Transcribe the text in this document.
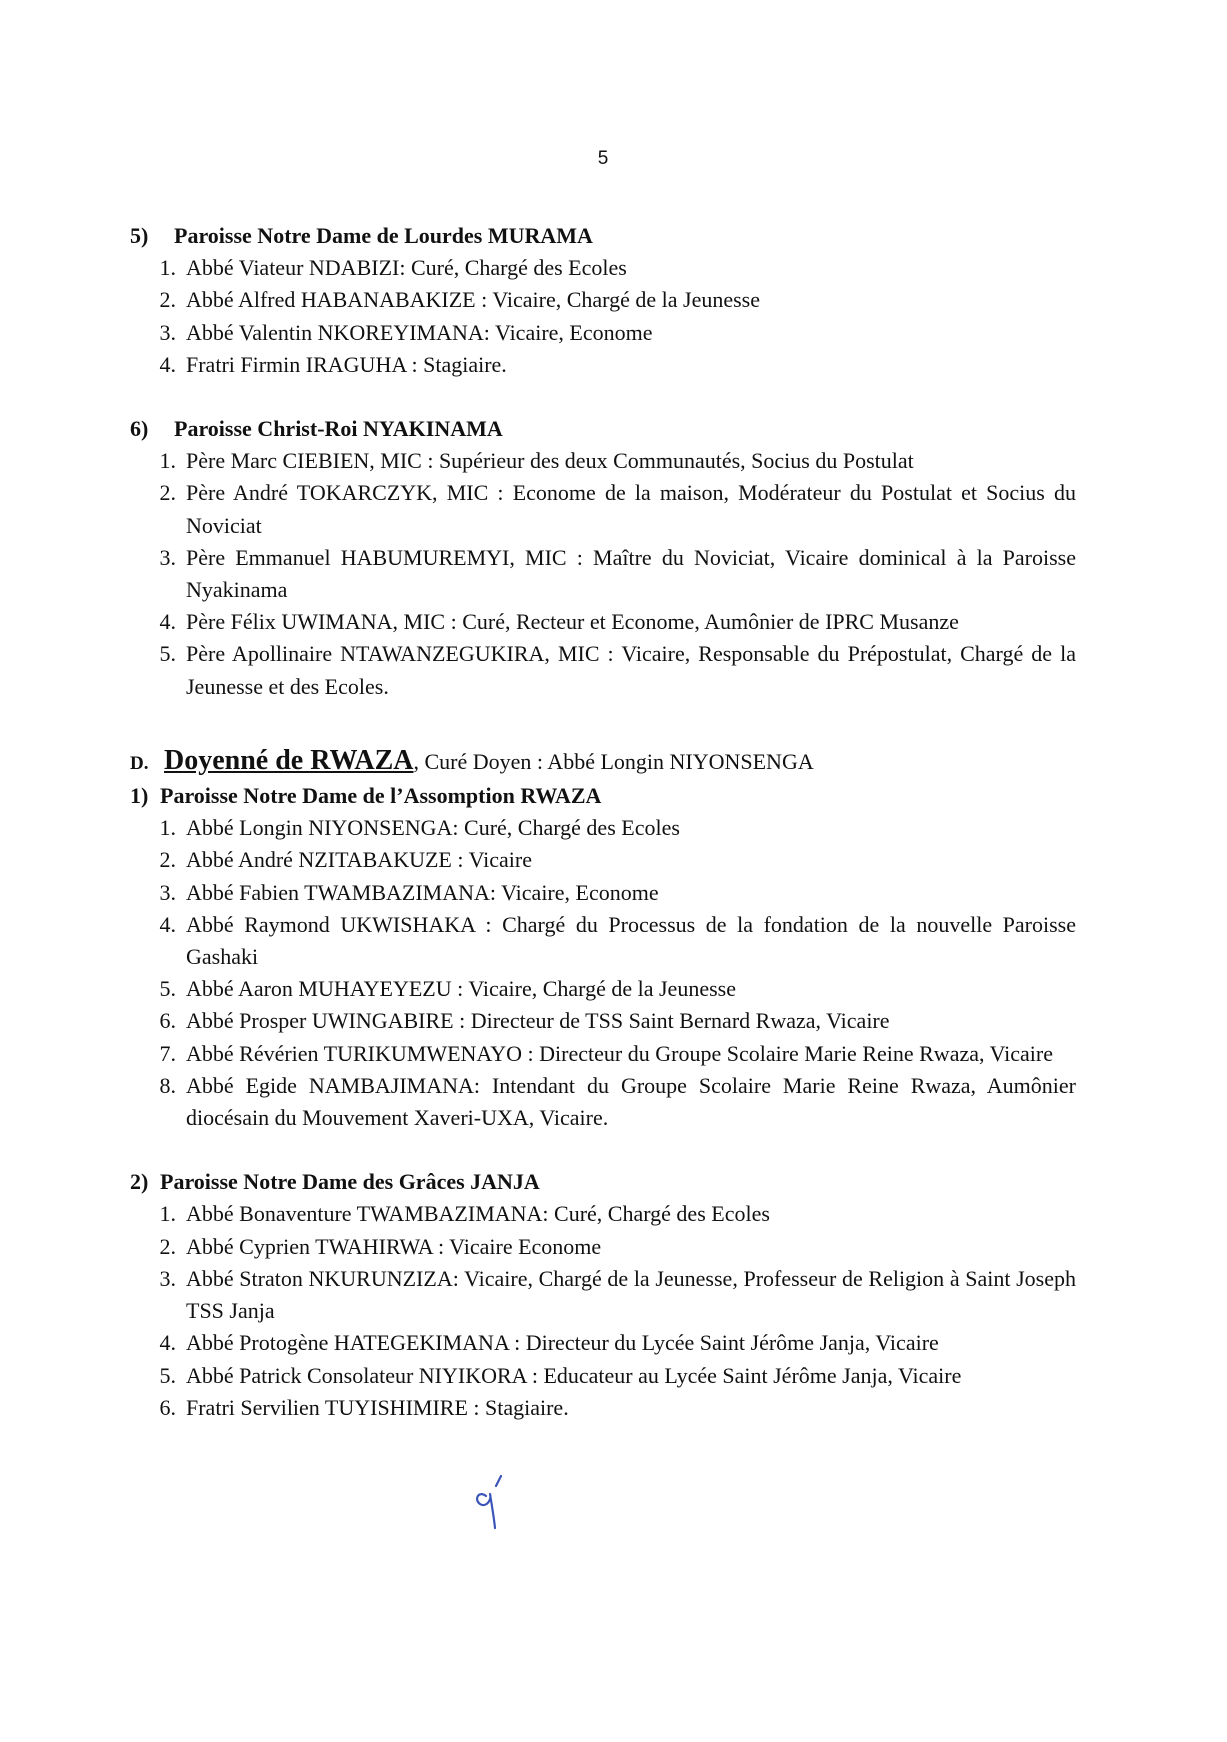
5
5)	Paroisse Notre Dame de Lourdes MURAMA
1. Abbé Viateur NDABIZI: Curé, Chargé des Ecoles
2. Abbé Alfred HABANABAKIZE : Vicaire, Chargé de la Jeunesse
3. Abbé Valentin NKOREYIMANA: Vicaire, Econome
4. Fratri Firmin IRAGUHA : Stagiaire.
6)	Paroisse Christ-Roi NYAKINAMA
1. Père Marc CIEBIEN, MIC : Supérieur des deux Communautés, Socius du Postulat
2. Père André TOKARCZYK, MIC : Econome de la maison, Modérateur du Postulat et Socius du Noviciat
3. Père Emmanuel HABUMUREMYI, MIC : Maître du Noviciat, Vicaire dominical à la Paroisse Nyakinama
4. Père Félix UWIMANA, MIC : Curé, Recteur et Econome, Aumônier de IPRC Musanze
5. Père Apollinaire NTAWANZEGUKIRA, MIC : Vicaire, Responsable du Prépostulat, Chargé de la Jeunesse et des Ecoles.
D. Doyenné de RWAZA , Curé Doyen : Abbé Longin NIYONSENGA
1) Paroisse Notre Dame de l’Assomption RWAZA
1. Abbé Longin NIYONSENGA: Curé, Chargé des Ecoles
2. Abbé André NZITABAKUZE : Vicaire
3. Abbé Fabien TWAMBAZIMANA: Vicaire, Econome
4. Abbé Raymond UKWISHAKA : Chargé du Processus de la fondation de la nouvelle Paroisse Gashaki
5. Abbé Aaron MUHAYEYEZU : Vicaire, Chargé de la Jeunesse
6. Abbé Prosper UWINGABIRE : Directeur de TSS Saint Bernard Rwaza, Vicaire
7. Abbé Révérien TURIKUMWENAYO : Directeur du Groupe Scolaire Marie Reine Rwaza, Vicaire
8. Abbé Egide NAMBAJIMANA: Intendant du Groupe Scolaire Marie Reine Rwaza, Aumônier diocésain du Mouvement Xaveri-UXA, Vicaire.
2) Paroisse Notre Dame des Grâces JANJA
1. Abbé Bonaventure TWAMBAZIMANA: Curé, Chargé des Ecoles
2. Abbé Cyprien TWAHIRWA : Vicaire Econome
3. Abbé Straton NKURUNZIZA: Vicaire, Chargé de la Jeunesse, Professeur de Religion à Saint Joseph TSS Janja
4. Abbé Protogène HATEGEKIMANA : Directeur du Lycée Saint Jérôme Janja, Vicaire
5. Abbé Patrick Consolateur NIYIKORA : Educateur au Lycée Saint Jérôme Janja, Vicaire
6. Fratri Servilien TUYISHIMIRE : Stagiaire.
